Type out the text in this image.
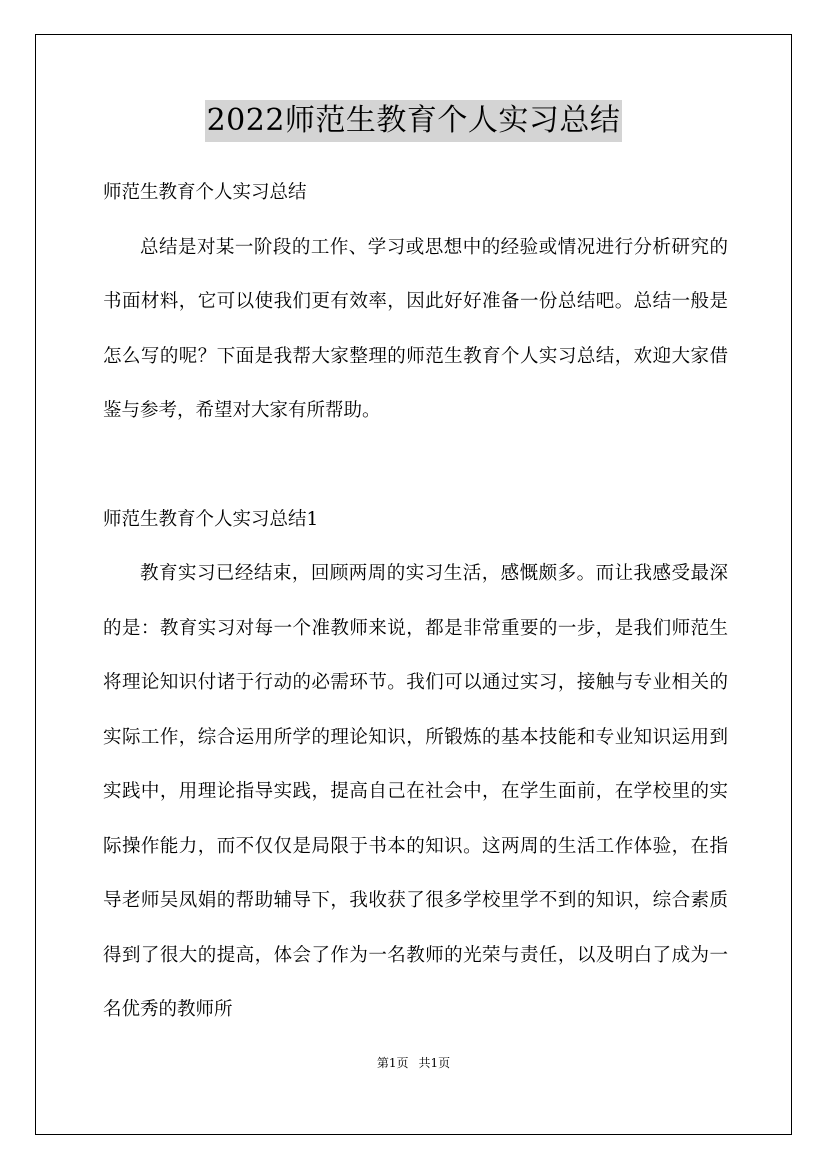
2022师范生教育个人实习总结

师范生教育个人实习总结

总结是对某一阶段的工作、学习或思想中的经验或情况进行分析研究的书面材料，它可以使我们更有效率，因此好好准备一份总结吧。总结一般是怎么写的呢？下面是我帮大家整理的师范生教育个人实习总结，欢迎大家借鉴与参考，希望对大家有所帮助。

师范生教育个人实习总结1

教育实习已经结束，回顾两周的实习生活，感慨颇多。而让我感受最深的是：教育实习对每一个准教师来说，都是非常重要的一步，是我们师范生将理论知识付诸于行动的必需环节。我们可以通过实习，接触与专业相关的实际工作，综合运用所学的理论知识，所锻炼的基本技能和专业知识运用到实践中，用理论指导实践，提高自己在社会中，在学生面前，在学校里的实际操作能力，而不仅仅是局限于书本的知识。这两周的生活工作体验，在指导老师吴凤娟的帮助辅导下，我收获了很多学校里学不到的知识，综合素质得到了很大的提高，体会了作为一名教师的光荣与责任，以及明白了成为一名优秀的教师所

第1页 共1页
